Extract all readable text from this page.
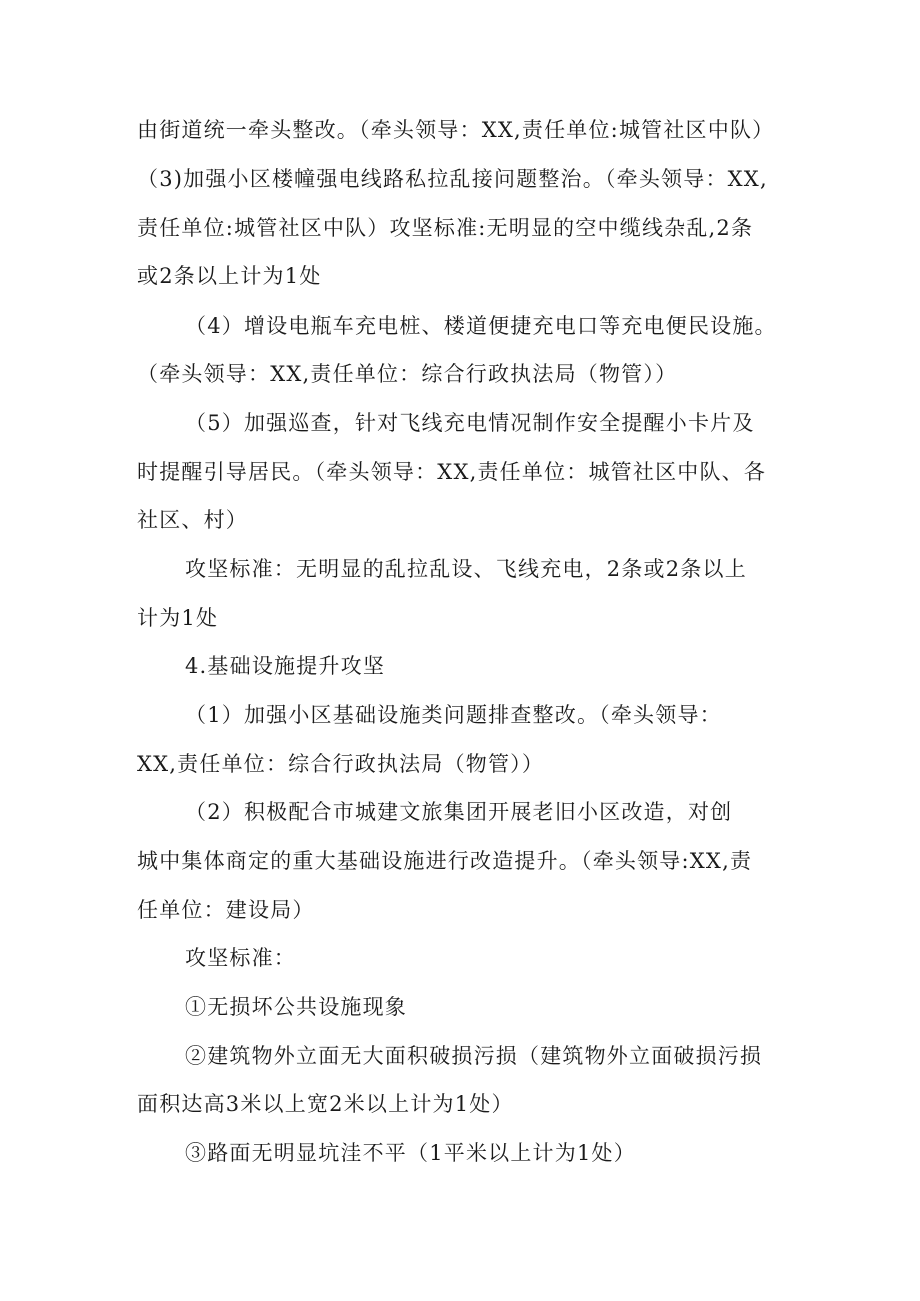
由街道统一牵头整改。（牵头领导：XX,责任单位:城管社区中队）
（3)加强小区楼幢强电线路私拉乱接问题整治。（牵头领导：XX,
责任单位:城管社区中队）攻坚标准:无明显的空中缆线杂乱,2条
或2条以上计为1处
（4）增设电瓶车充电桩、楼道便捷充电口等充电便民设施。
（牵头领导：XX,责任单位：综合行政执法局（物管））
（5）加强巡查，针对飞线充电情况制作安全提醒小卡片及
时提醒引导居民。（牵头领导：XX,责任单位：城管社区中队、各
社区、村）
攻坚标准：无明显的乱拉乱设、飞线充电，2条或2条以上
计为1处
4.基础设施提升攻坚
（1）加强小区基础设施类问题排查整改。（牵头领导：
XX,责任单位：综合行政执法局（物管））
（2）积极配合市城建文旅集团开展老旧小区改造，对创
城中集体商定的重大基础设施进行改造提升。（牵头领导:XX,责
任单位：建设局）
攻坚标准：
①无损坏公共设施现象
②建筑物外立面无大面积破损污损（建筑物外立面破损污损
面积达高3米以上宽2米以上计为1处）
③路面无明显坑洼不平（1平米以上计为1处）
